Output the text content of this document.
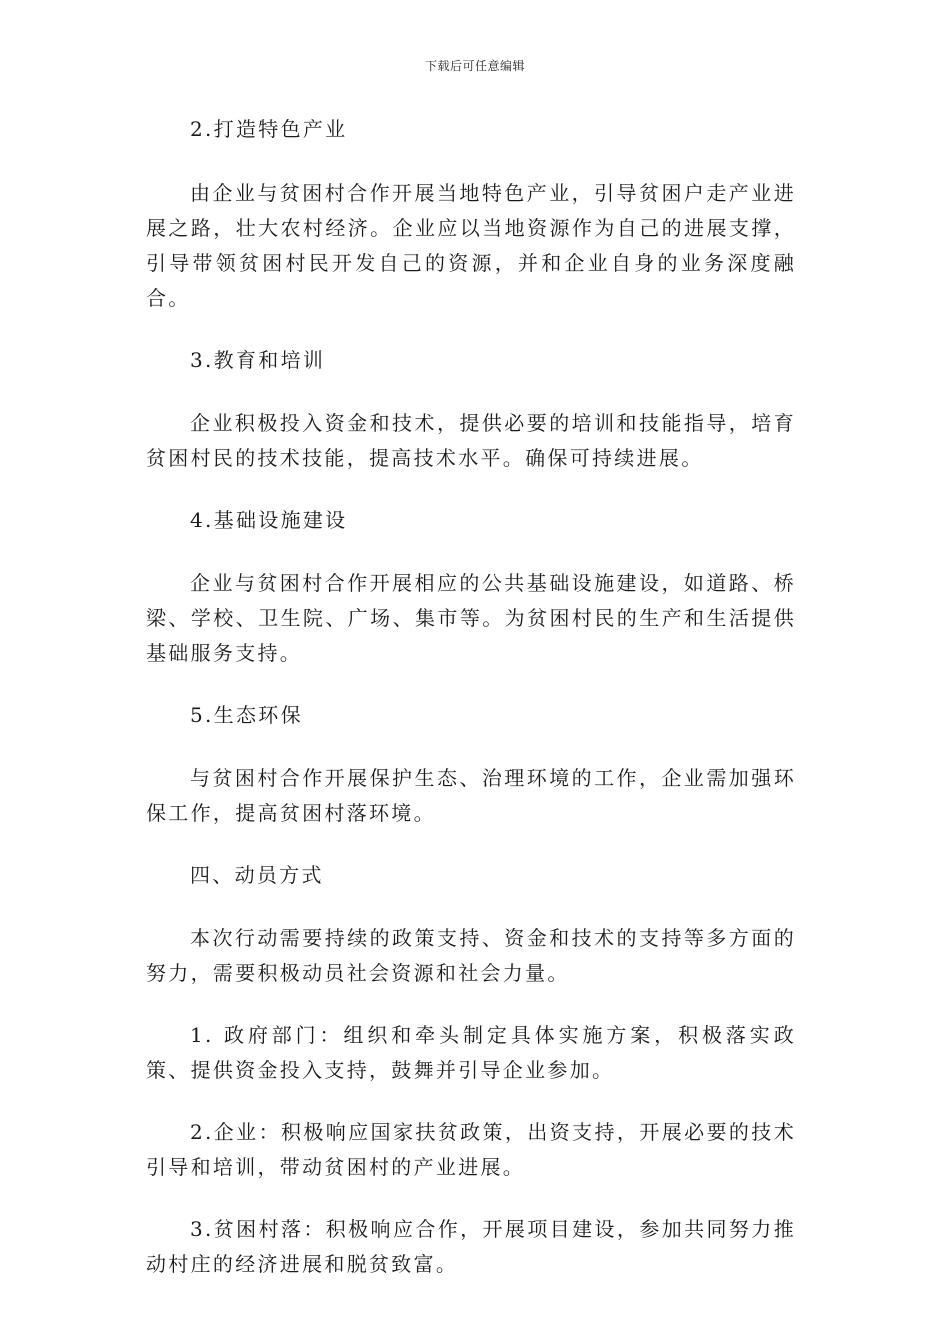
下载后可任意编辑

2.打造特色产业

由企业与贫困村合作开展当地特色产业，引导贫困户走产业进展之路，壮大农村经济。企业应以当地资源作为自己的进展支撑，引导带领贫困村民开发自己的资源，并和企业自身的业务深度融合。

3.教育和培训

企业积极投入资金和技术，提供必要的培训和技能指导，培育贫困村民的技术技能，提高技术水平。确保可持续进展。

4.基础设施建设

企业与贫困村合作开展相应的公共基础设施建设，如道路、桥梁、学校、卫生院、广场、集市等。为贫困村民的生产和生活提供基础服务支持。

5.生态环保

与贫困村合作开展保护生态、治理环境的工作，企业需加强环保工作，提高贫困村落环境。

四、动员方式

本次行动需要持续的政策支持、资金和技术的支持等多方面的努力，需要积极动员社会资源和社会力量。

1. 政府部门：组织和牵头制定具体实施方案，积极落实政策、提供资金投入支持，鼓舞并引导企业参加。

2.企业：积极响应国家扶贫政策，出资支持，开展必要的技术引导和培训，带动贫困村的产业进展。

3.贫困村落：积极响应合作，开展项目建设，参加共同努力推动村庄的经济进展和脱贫致富。
